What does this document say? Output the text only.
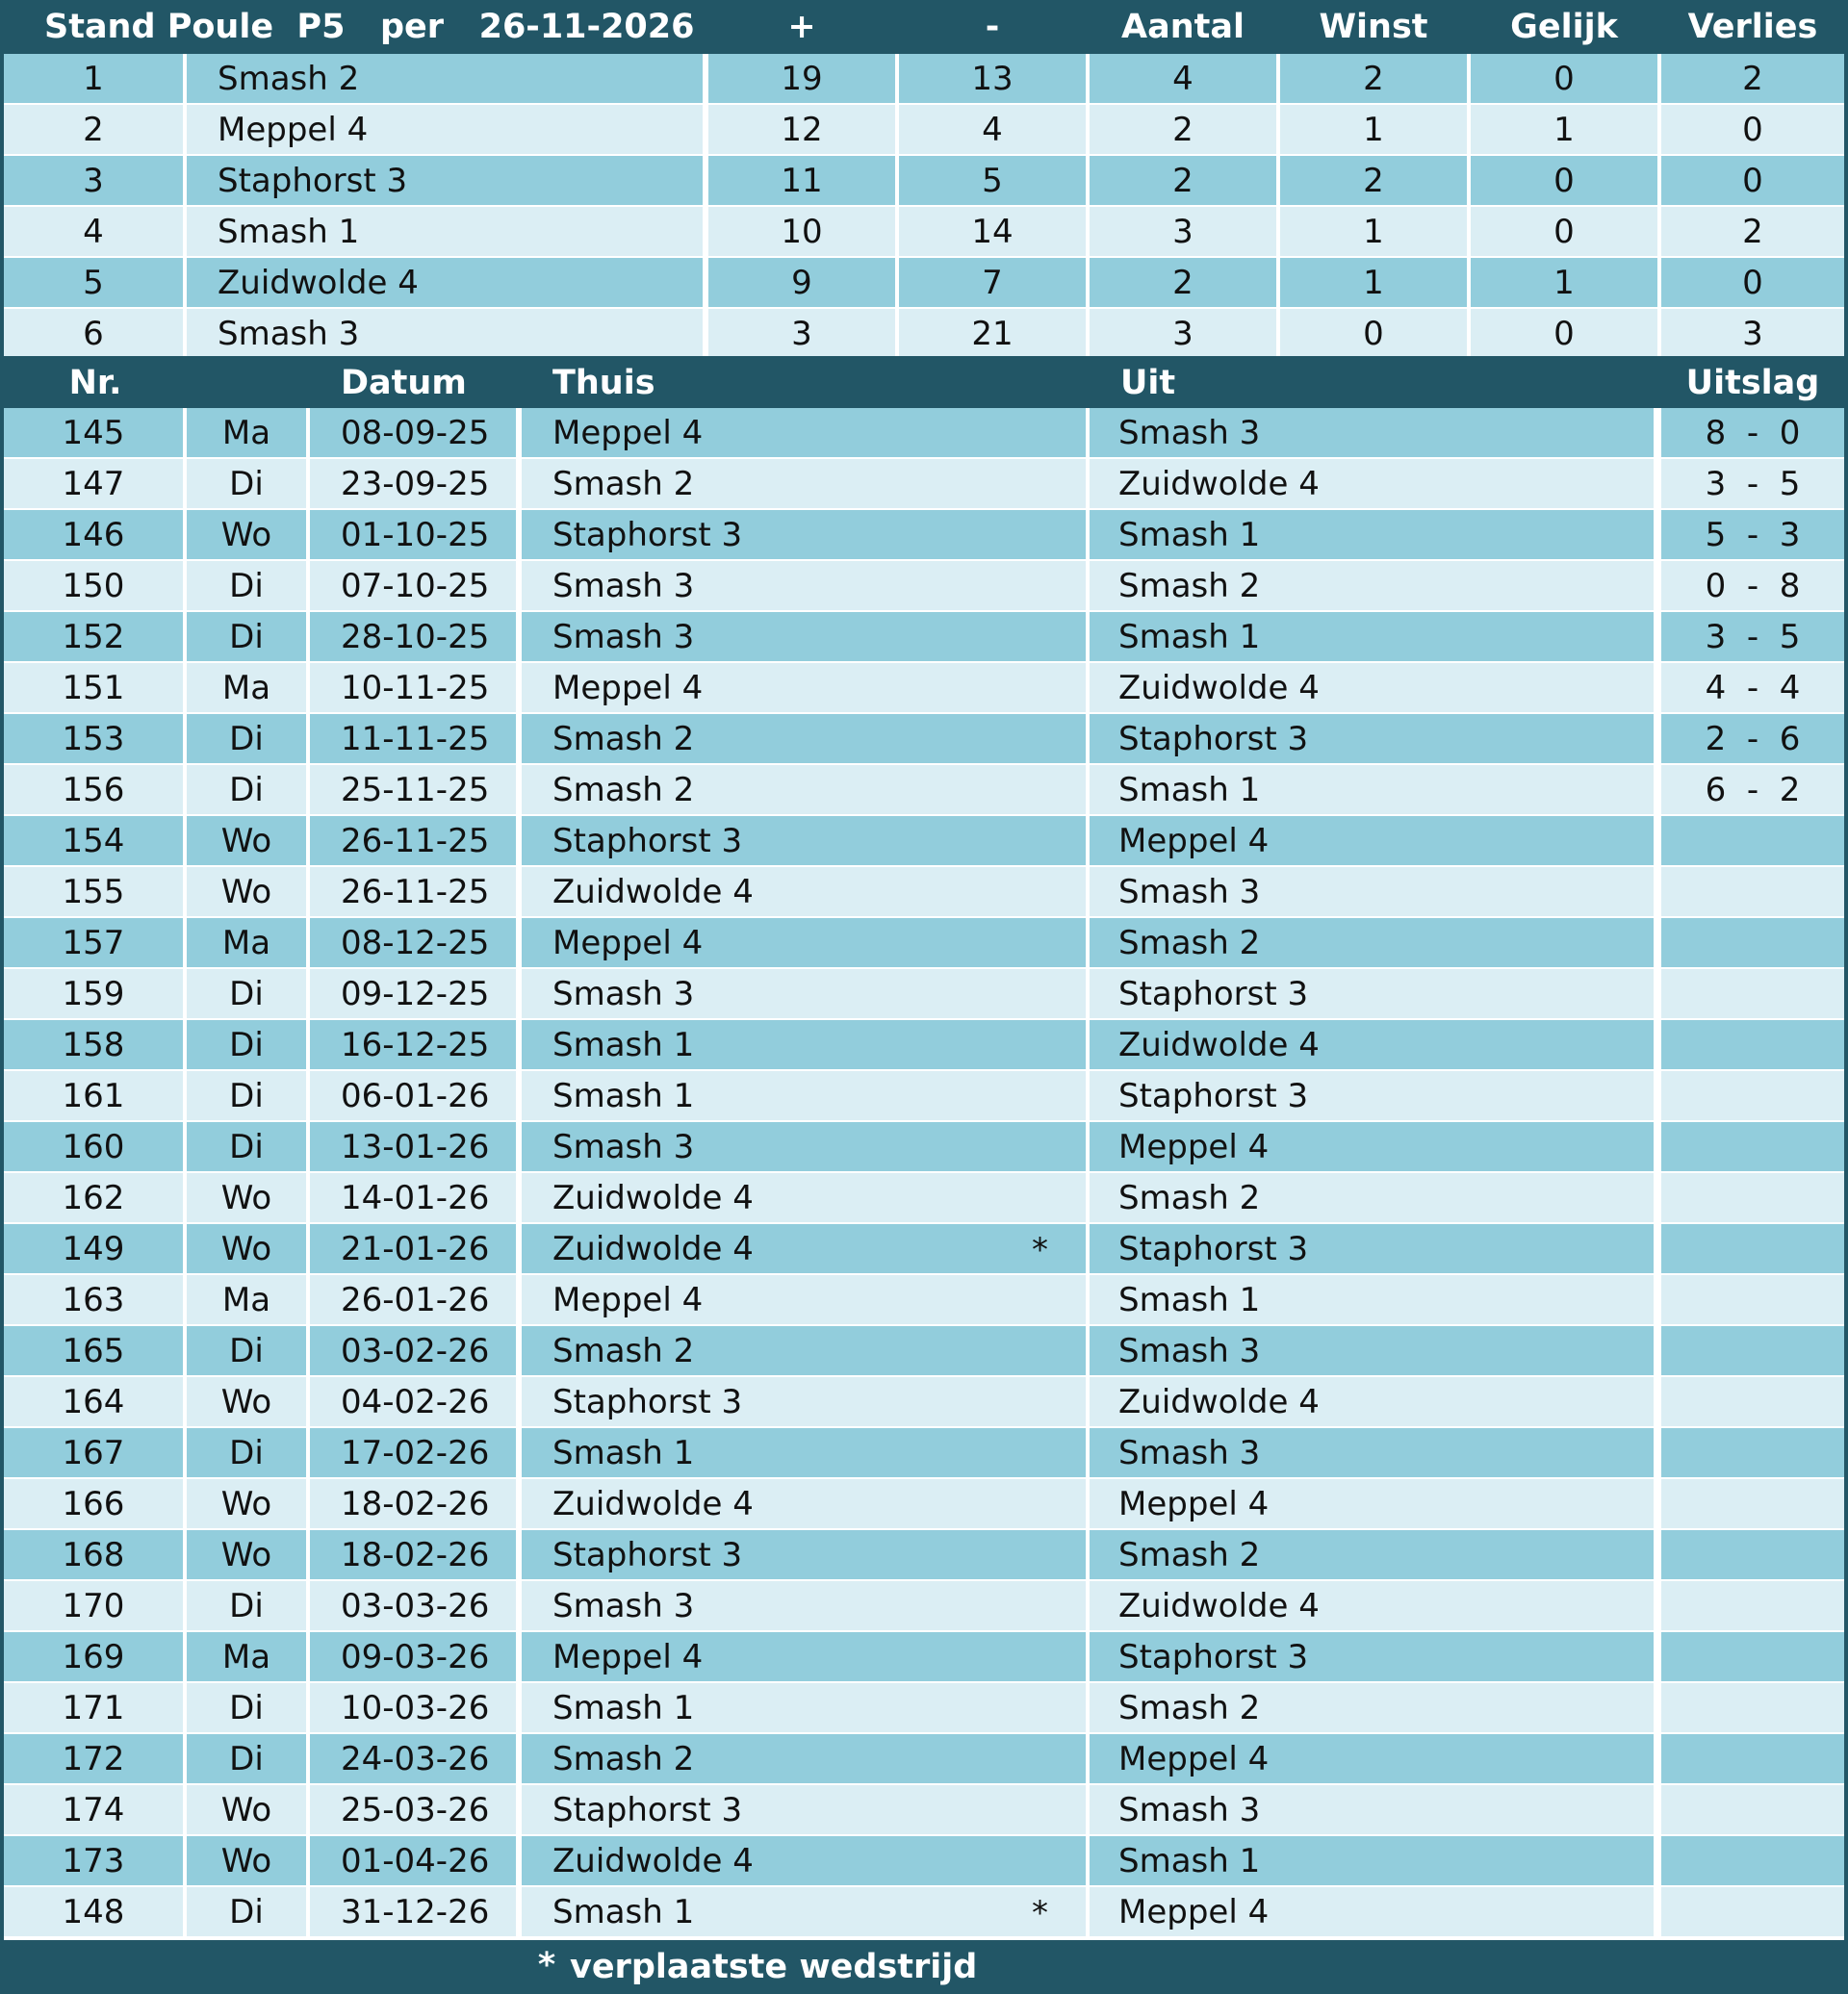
Stand Poule  P5   per   26-11-2026	+	-	Aantal	Winst	Gelijk	Verlies
1	Smash 2	19	13	4	2	0	2
2	Meppel 4	12	4	2	1	1	0
3	Staphorst 3	11	5	2	2	0	0
4	Smash 1	10	14	3	1	0	2
5	Zuidwolde 4	9	7	2	1	1	0
6	Smash 3	3	21	3	0	0	3
Nr.	Datum	Thuis	Uit	Uitslag
145	Ma	08-09-25	Meppel 4	Smash 3	8  -  0
147	Di	23-09-25	Smash 2	Zuidwolde 4	3  -  5
146	Wo	01-10-25	Staphorst 3	Smash 1	5  -  3
150	Di	07-10-25	Smash 3	Smash 2	0  -  8
152	Di	28-10-25	Smash 3	Smash 1	3  -  5
151	Ma	10-11-25	Meppel 4	Zuidwolde 4	4  -  4
153	Di	11-11-25	Smash 2	Staphorst 3	2  -  6
156	Di	25-11-25	Smash 2	Smash 1	6  -  2
154	Wo	26-11-25	Staphorst 3	Meppel 4
155	Wo	26-11-25	Zuidwolde 4	Smash 3
157	Ma	08-12-25	Meppel 4	Smash 2
159	Di	09-12-25	Smash 3	Staphorst 3
158	Di	16-12-25	Smash 1	Zuidwolde 4
161	Di	06-01-26	Smash 1	Staphorst 3
160	Di	13-01-26	Smash 3	Meppel 4
162	Wo	14-01-26	Zuidwolde 4	Smash 2
149	Wo	21-01-26	Zuidwolde 4	*	Staphorst 3
163	Ma	26-01-26	Meppel 4	Smash 1
165	Di	03-02-26	Smash 2	Smash 3
164	Wo	04-02-26	Staphorst 3	Zuidwolde 4
167	Di	17-02-26	Smash 1	Smash 3
166	Wo	18-02-26	Zuidwolde 4	Meppel 4
168	Wo	18-02-26	Staphorst 3	Smash 2
170	Di	03-03-26	Smash 3	Zuidwolde 4
169	Ma	09-03-26	Meppel 4	Staphorst 3
171	Di	10-03-26	Smash 1	Smash 2
172	Di	24-03-26	Smash 2	Meppel 4
174	Wo	25-03-26	Staphorst 3	Smash 3
173	Wo	01-04-26	Zuidwolde 4	Smash 1
148	Di	31-12-26	Smash 1	*	Meppel 4
* verplaatste wedstrijd
